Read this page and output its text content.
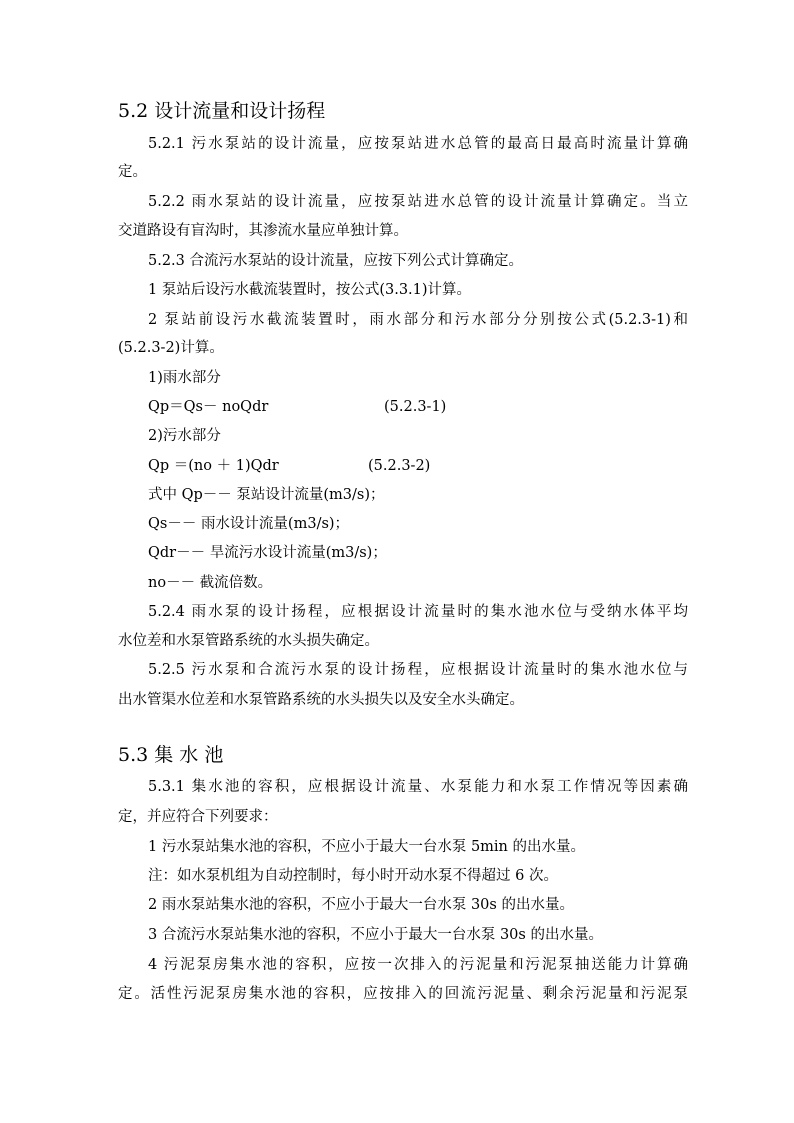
5.2 设计流量和设计扬程
5.2.1 污水泵站的设计流量，应按泵站进水总管的最高日最高时流量计算确
定。
5.2.2 雨水泵站的设计流量，应按泵站进水总管的设计流量计算确定。当立
交道路设有盲沟时，其渗流水量应单独计算。
5.2.3 合流污水泵站的设计流量，应按下列公式计算确定。
1 泵站后设污水截流装置时，按公式(3.3.1)计算。
2 泵站前设污水截流装置时，雨水部分和污水部分分别按公式(5.2.3-1)和
(5.2.3-2)计算。
1)雨水部分
Qp＝Qs－ noQdr	(5.2.3-1)
2)污水部分
Qp ＝(no ＋ 1)Qdr	(5.2.3-2)
式中 Qp－－ 泵站设计流量(m3/s)；
Qs－－ 雨水设计流量(m3/s)；
Qdr－－ 旱流污水设计流量(m3/s)；
no－－ 截流倍数。
5.2.4 雨水泵的设计扬程，应根据设计流量时的集水池水位与受纳水体平均
水位差和水泵管路系统的水头损失确定。
5.2.5 污水泵和合流污水泵的设计扬程，应根据设计流量时的集水池水位与
出水管渠水位差和水泵管路系统的水头损失以及安全水头确定。
5.3 集 水 池
5.3.1 集水池的容积，应根据设计流量、水泵能力和水泵工作情况等因素确
定，并应符合下列要求：
1 污水泵站集水池的容积，不应小于最大一台水泵 5min 的出水量。
注：如水泵机组为自动控制时，每小时开动水泵不得超过 6 次。
2 雨水泵站集水池的容积，不应小于最大一台水泵 30s 的出水量。
3 合流污水泵站集水池的容积，不应小于最大一台水泵 30s 的出水量。
4 污泥泵房集水池的容积，应按一次排入的污泥量和污泥泵抽送能力计算确
定。活性污泥泵房集水池的容积，应按排入的回流污泥量、剩余污泥量和污泥泵
